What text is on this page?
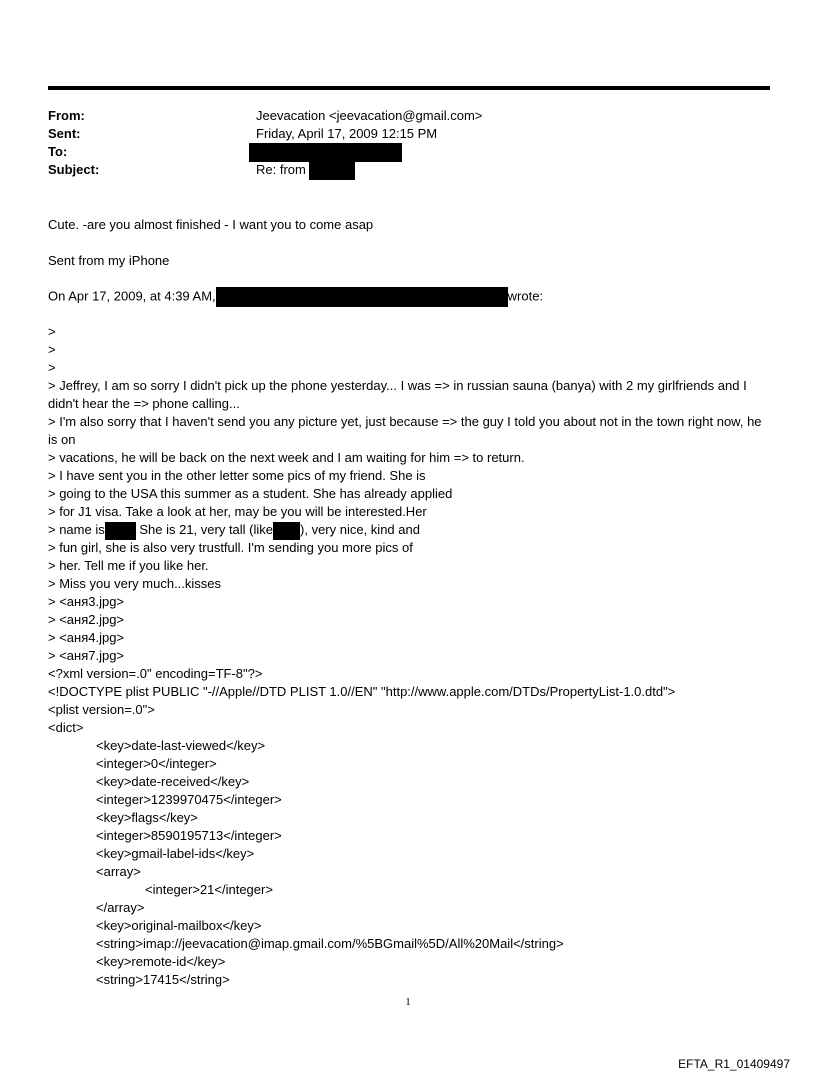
From:	Jeevacation <jeevacation@gmail.com>
Sent:	Friday, April 17, 2009 12:15 PM
To:
Subject:	Re: from
Cute. -are you almost finished - I want you to come asap
Sent from my iPhone
On Apr 17, 2009, at 4:39 AM,	wrote:
>
>
>
> Jeffrey, I am so sorry I didn't pick up the phone yesterday... I was => in russian sauna (banya) with 2 my girlfriends and I didn't hear the => phone calling...
> I'm also sorry that I haven't send you any picture yet, just because => the guy I told you about not in the town right now, he is on
> vacations, he will be back on the next week and I am waiting for him => to return.
> I have sent you in the other letter some pics of my friend. She is
> going to the USA this summer as a student. She has already applied
> for J1 visa. Take a look at her, may be you will be interested.Her
> name is She is 21, very tall (like ), very nice, kind and
> fun girl, she is also very trustfull. I'm sending you more pics of
> her. Tell me if you like her.
> Miss you very much...kisses
> <аня3.jpg>
> <аня2.jpg>
> <аня4.jpg>
> <аня7.jpg>
<?xml version=.0" encoding=TF-8"?>
<!DOCTYPE plist PUBLIC "-//Apple//DTD PLIST 1.0//EN" "http://www.apple.com/DTDs/PropertyList-1.0.dtd">
<plist version=.0">
<dict>
<key>date-last-viewed</key>
<integer>0</integer>
<key>date-received</key>
<integer>1239970475</integer>
<key>flags</key>
<integer>8590195713</integer>
<key>gmail-label-ids</key>
<array>
<integer>21</integer>
</array>
<key>original-mailbox</key>
<string>imap://jeevacation@imap.gmail.com/%5BGmail%5D/All%20Mail</string>
<key>remote-id</key>
<string>17415</string>
1
EFTA_R1_01409497
